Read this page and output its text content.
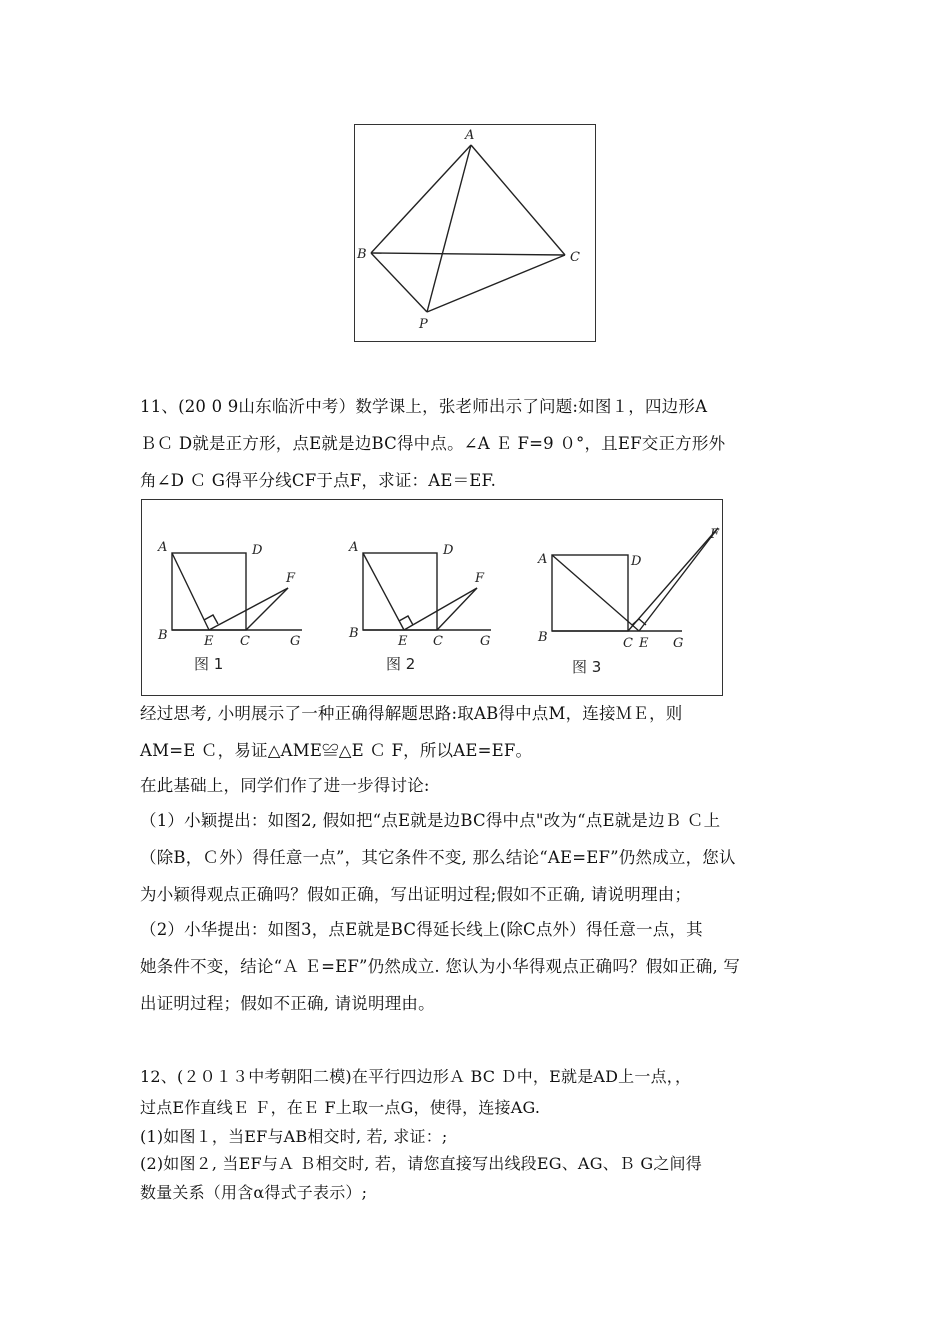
A
B	C
P
11、(20 0 9山东临沂中考）数学课上，张老师出示了问题:如图１，四边形A
ＢＣ D就是正方形，点E就是边BC得中点。∠A Ｅ F=9 ０°，且EF交正方形外
角∠D Ｃ G得平分线CF于点F，求证：AE＝EF.
A	D
B	E C
F
G
图 1
A	D
B
E C
F
G
图 2
A	D
B	C E
F
G
图 3
经过思考, 小明展示了一种正确得解题思路:取AB得中点M，连接ＭＥ，则
AM=E Ｃ，易证△AME≌△E Ｃ F，所以AE=EF。
在此基础上，同学们作了进一步得讨论:
（1）小颖提出：如图2, 假如把“点E就是边BC得中点"改为“点E就是边Ｂ Ｃ上
（除B，Ｃ外）得任意一点”，其它条件不变, 那么结论“AE=EF”仍然成立，您认
为小颖得观点正确吗？假如正确，写出证明过程;假如不正确, 请说明理由；
（2）小华提出：如图3，点E就是BC得延长线上(除C点外）得任意一点，其
她条件不变，结论“Ａ Ｅ=EF”仍然成立. 您认为小华得观点正确吗？假如正确, 写
出证明过程；假如不正确, 请说明理由。
12、(２０１３中考朝阳二模)在平行四边形Ａ BC Ｄ中，E就是AD上一点，，
过点E作直线Ｅ Ｆ，在Ｅ F上取一点G，使得，连接AG.
(1)如图１，当EF与AB相交时, 若, 求证：;
(2)如图２, 当EF与Ａ Ｂ相交时, 若，请您直接写出线段EG、AG、Ｂ G之间得
数量关系（用含α得式子表示）;
